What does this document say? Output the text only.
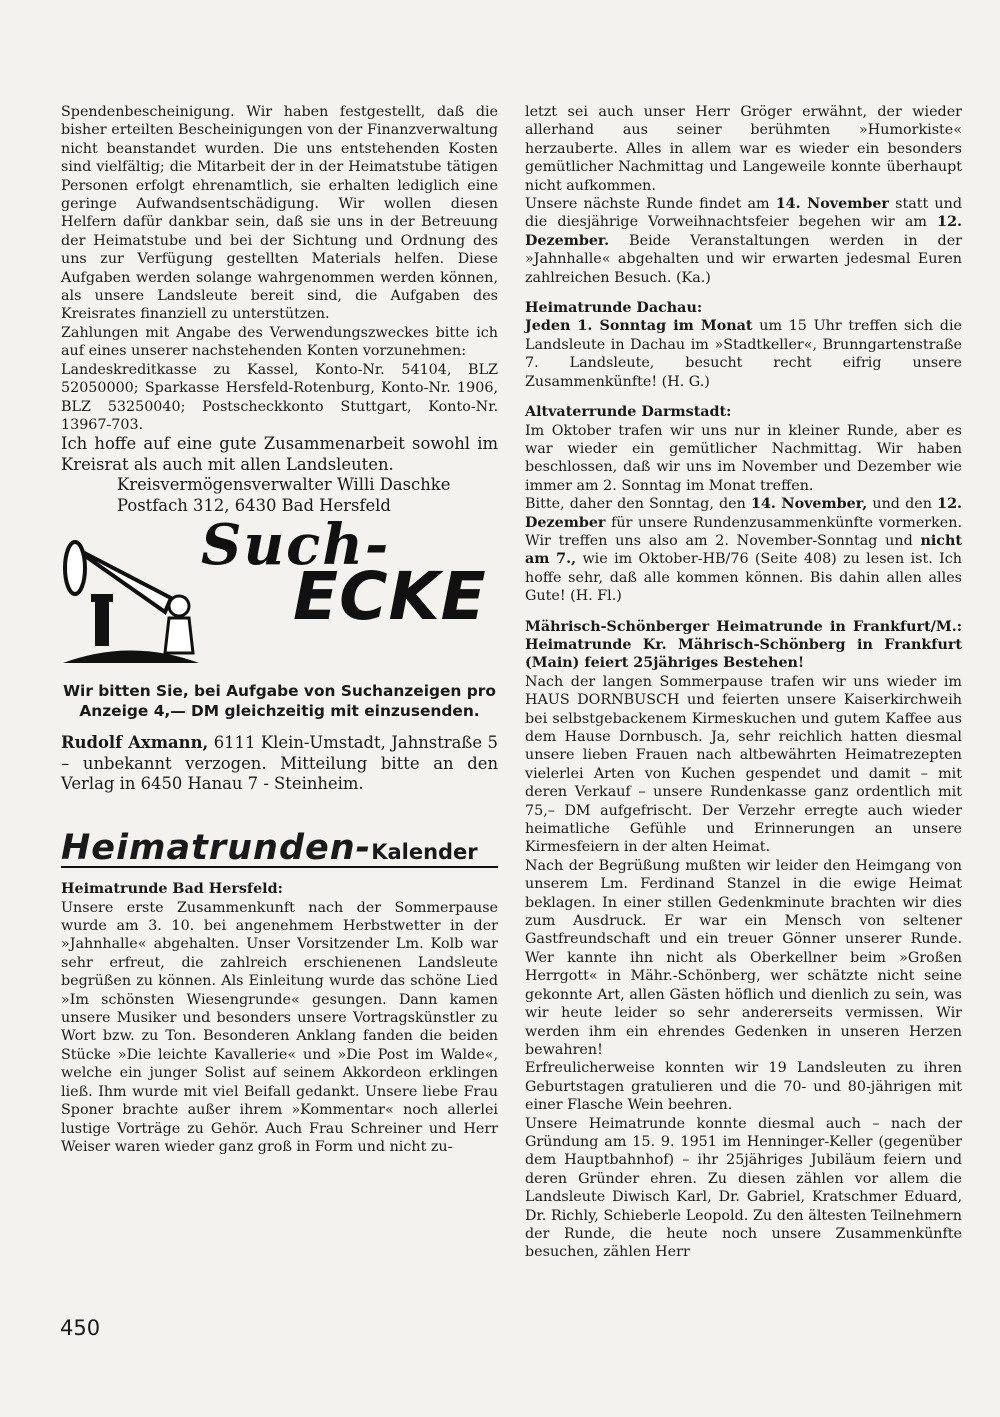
Spendenbescheinigung. Wir haben festgestellt, daß die bisher erteilten Bescheinigungen von der Finanzverwaltung nicht beanstandet wurden. Die uns entstehenden Kosten sind vielfältig; die Mitarbeit der in der Heimatstube tätigen Personen erfolgt ehrenamtlich, sie erhalten lediglich eine geringe Aufwandsentschädigung. Wir wollen diesen Helfern dafür dankbar sein, daß sie uns in der Betreuung der Heimatstube und bei der Sichtung und Ordnung des uns zur Verfügung gestellten Materials helfen. Diese Aufgaben werden solange wahrgenommen werden können, als unsere Landsleute bereit sind, die Aufgaben des Kreisrates finanziell zu unterstützen.

Zahlungen mit Angabe des Verwendungszweckes bitte ich auf eines unserer nachstehenden Konten vorzunehmen:

Landeskreditkasse zu Kassel, Konto-Nr. 54104, BLZ 52050000; Sparkasse Hersfeld-Rotenburg, Konto-Nr. 1906, BLZ 53250040; Postscheckkonto Stuttgart, Konto-Nr. 13967-703.

Ich hoffe auf eine gute Zusammenarbeit sowohl im Kreisrat als auch mit allen Landsleuten.

Kreisvermögensverwalter Willi Daschke

Postfach 312, 6430 Bad Hersfeld

Such-
ECKE

Wir bitten Sie, bei Aufgabe von Suchanzeigen pro Anzeige 4,— DM gleichzeitig mit einzusenden.

Rudolf Axmann, 6111 Klein-Umstadt, Jahnstraße 5 – unbekannt verzogen. Mitteilung bitte an den Verlag in 6450 Hanau 7 - Steinheim.

Heimatrunden-Kalender

Heimatrunde Bad Hersfeld:

Unsere erste Zusammenkunft nach der Sommerpause wurde am 3. 10. bei angenehmem Herbstwetter in der »Jahnhalle« abgehalten. Unser Vorsitzender Lm. Kolb war sehr erfreut, die zahlreich erschienenen Landsleute begrüßen zu können. Als Einleitung wurde das schöne Lied »Im schönsten Wiesengrunde« gesungen. Dann kamen unsere Musiker und besonders unsere Vortragskünstler zu Wort bzw. zu Ton. Besonderen Anklang fanden die beiden Stücke »Die leichte Kavallerie« und »Die Post im Walde«, welche ein junger Solist auf seinem Akkordeon erklingen ließ. Ihm wurde mit viel Beifall gedankt. Unsere liebe Frau Sponer brachte außer ihrem »Kommentar« noch allerlei lustige Vorträge zu Gehör. Auch Frau Schreiner und Herr Weiser waren wieder ganz groß in Form und nicht zu-

letzt sei auch unser Herr Gröger erwähnt, der wieder allerhand aus seiner berühmten »Humorkiste« herzauberte. Alles in allem war es wieder ein besonders gemütlicher Nachmittag und Langeweile konnte überhaupt nicht aufkommen.

Unsere nächste Runde findet am 14. November statt und die diesjährige Vorweihnachtsfeier begehen wir am 12. Dezember. Beide Veranstaltungen werden in der »Jahnhalle« abgehalten und wir erwarten jedesmal Euren zahlreichen Besuch. (Ka.)

Heimatrunde Dachau:

Jeden 1. Sonntag im Monat um 15 Uhr treffen sich die Landsleute in Dachau im »Stadtkeller«, Brunngartenstraße 7. Landsleute, besucht recht eifrig unsere Zusammenkünfte! (H. G.)

Altvaterrunde Darmstadt:

Im Oktober trafen wir uns nur in kleiner Runde, aber es war wieder ein gemütlicher Nachmittag. Wir haben beschlossen, daß wir uns im November und Dezember wie immer am 2. Sonntag im Monat treffen.

Bitte, daher den Sonntag, den 14. November, und den 12. Dezember für unsere Rundenzusammenkünfte vormerken. Wir treffen uns also am 2. November-Sonntag und nicht am 7., wie im Oktober-HB/76 (Seite 408) zu lesen ist. Ich hoffe sehr, daß alle kommen können. Bis dahin allen alles Gute! (H. Fl.)

Mährisch-Schönberger Heimatrunde in Frankfurt/M.: Heimatrunde Kr. Mährisch-Schönberg in Frankfurt (Main) feiert 25jähriges Bestehen!

Nach der langen Sommerpause trafen wir uns wieder im HAUS DORNBUSCH und feierten unsere Kaiserkirchweih bei selbstgebackenem Kirmeskuchen und gutem Kaffee aus dem Hause Dornbusch. Ja, sehr reichlich hatten diesmal unsere lieben Frauen nach altbewährten Heimatrezepten vielerlei Arten von Kuchen gespendet und damit – mit deren Verkauf – unsere Rundenkasse ganz ordentlich mit 75,– DM aufgefrischt. Der Verzehr erregte auch wieder heimatliche Gefühle und Erinnerungen an unsere Kirmesfeiern in der alten Heimat.

Nach der Begrüßung mußten wir leider den Heimgang von unserem Lm. Ferdinand Stanzel in die ewige Heimat beklagen. In einer stillen Gedenkminute brachten wir dies zum Ausdruck. Er war ein Mensch von seltener Gastfreundschaft und ein treuer Gönner unserer Runde. Wer kannte ihn nicht als Oberkellner beim »Großen Herrgott« in Mähr.-Schönberg, wer schätzte nicht seine gekonnte Art, allen Gästen höflich und dienlich zu sein, was wir heute leider so sehr andererseits vermissen. Wir werden ihm ein ehrendes Gedenken in unseren Herzen bewahren!

Erfreulicherweise konnten wir 19 Landsleuten zu ihren Geburtstagen gratulieren und die 70- und 80-jährigen mit einer Flasche Wein beehren.

Unsere Heimatrunde konnte diesmal auch – nach der Gründung am 15. 9. 1951 im Henninger-Keller (gegenüber dem Hauptbahnhof) – ihr 25jähriges Jubiläum feiern und deren Gründer ehren. Zu diesen zählen vor allem die Landsleute Diwisch Karl, Dr. Gabriel, Kratschmer Eduard, Dr. Richly, Schieberle Leopold. Zu den ältesten Teilnehmern der Runde, die heute noch unsere Zusammenkünfte besuchen, zählen Herr

450
